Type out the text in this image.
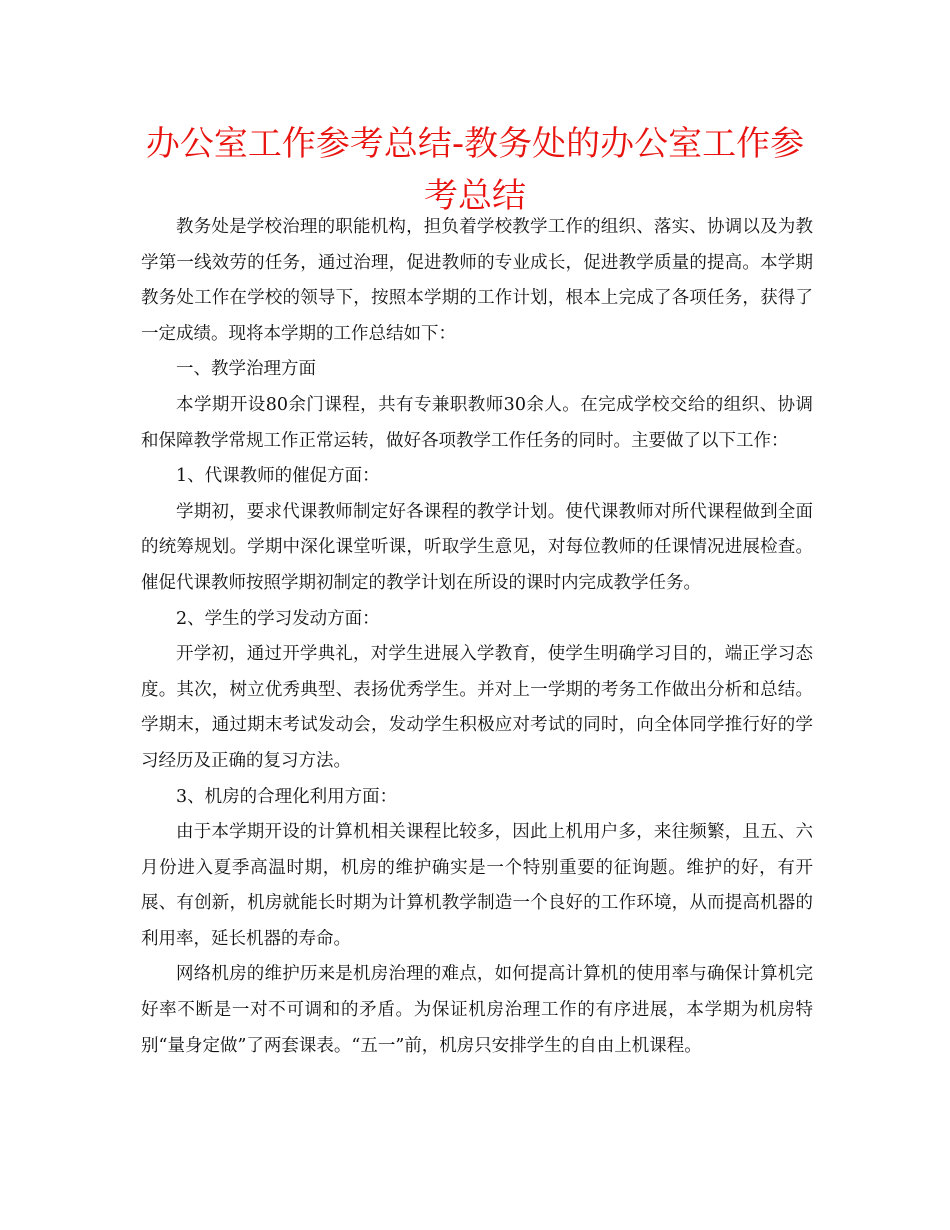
办公室工作参考总结-教务处的办公室工作参考总结

教务处是学校治理的职能机构，担负着学校教学工作的组织、落实、协调以及为教学第一线效劳的任务，通过治理，促进教师的专业成长，促进教学质量的提高。本学期教务处工作在学校的领导下，按照本学期的工作计划，根本上完成了各项任务，获得了一定成绩。现将本学期的工作总结如下：

一、教学治理方面

本学期开设80余门课程，共有专兼职教师30余人。在完成学校交给的组织、协调和保障教学常规工作正常运转，做好各项教学工作任务的同时。主要做了以下工作：

1、代课教师的催促方面：

学期初，要求代课教师制定好各课程的教学计划。使代课教师对所代课程做到全面的统筹规划。学期中深化课堂听课，听取学生意见，对每位教师的任课情况进展检查。催促代课教师按照学期初制定的教学计划在所设的课时内完成教学任务。

2、学生的学习发动方面：

开学初，通过开学典礼，对学生进展入学教育，使学生明确学习目的，端正学习态度。其次，树立优秀典型、表扬优秀学生。并对上一学期的考务工作做出分析和总结。学期末，通过期末考试发动会，发动学生积极应对考试的同时，向全体同学推行好的学习经历及正确的复习方法。

3、机房的合理化利用方面：

由于本学期开设的计算机相关课程比较多，因此上机用户多，来往频繁，且五、六月份进入夏季高温时期，机房的维护确实是一个特别重要的征询题。维护的好，有开展、有创新，机房就能长时期为计算机教学制造一个良好的工作环境，从而提高机器的利用率，延长机器的寿命。

网络机房的维护历来是机房治理的难点，如何提高计算机的使用率与确保计算机完好率不断是一对不可调和的矛盾。为保证机房治理工作的有序进展，本学期为机房特别“量身定做”了两套课表。“五一”前，机房只安排学生的自由上机课程。
